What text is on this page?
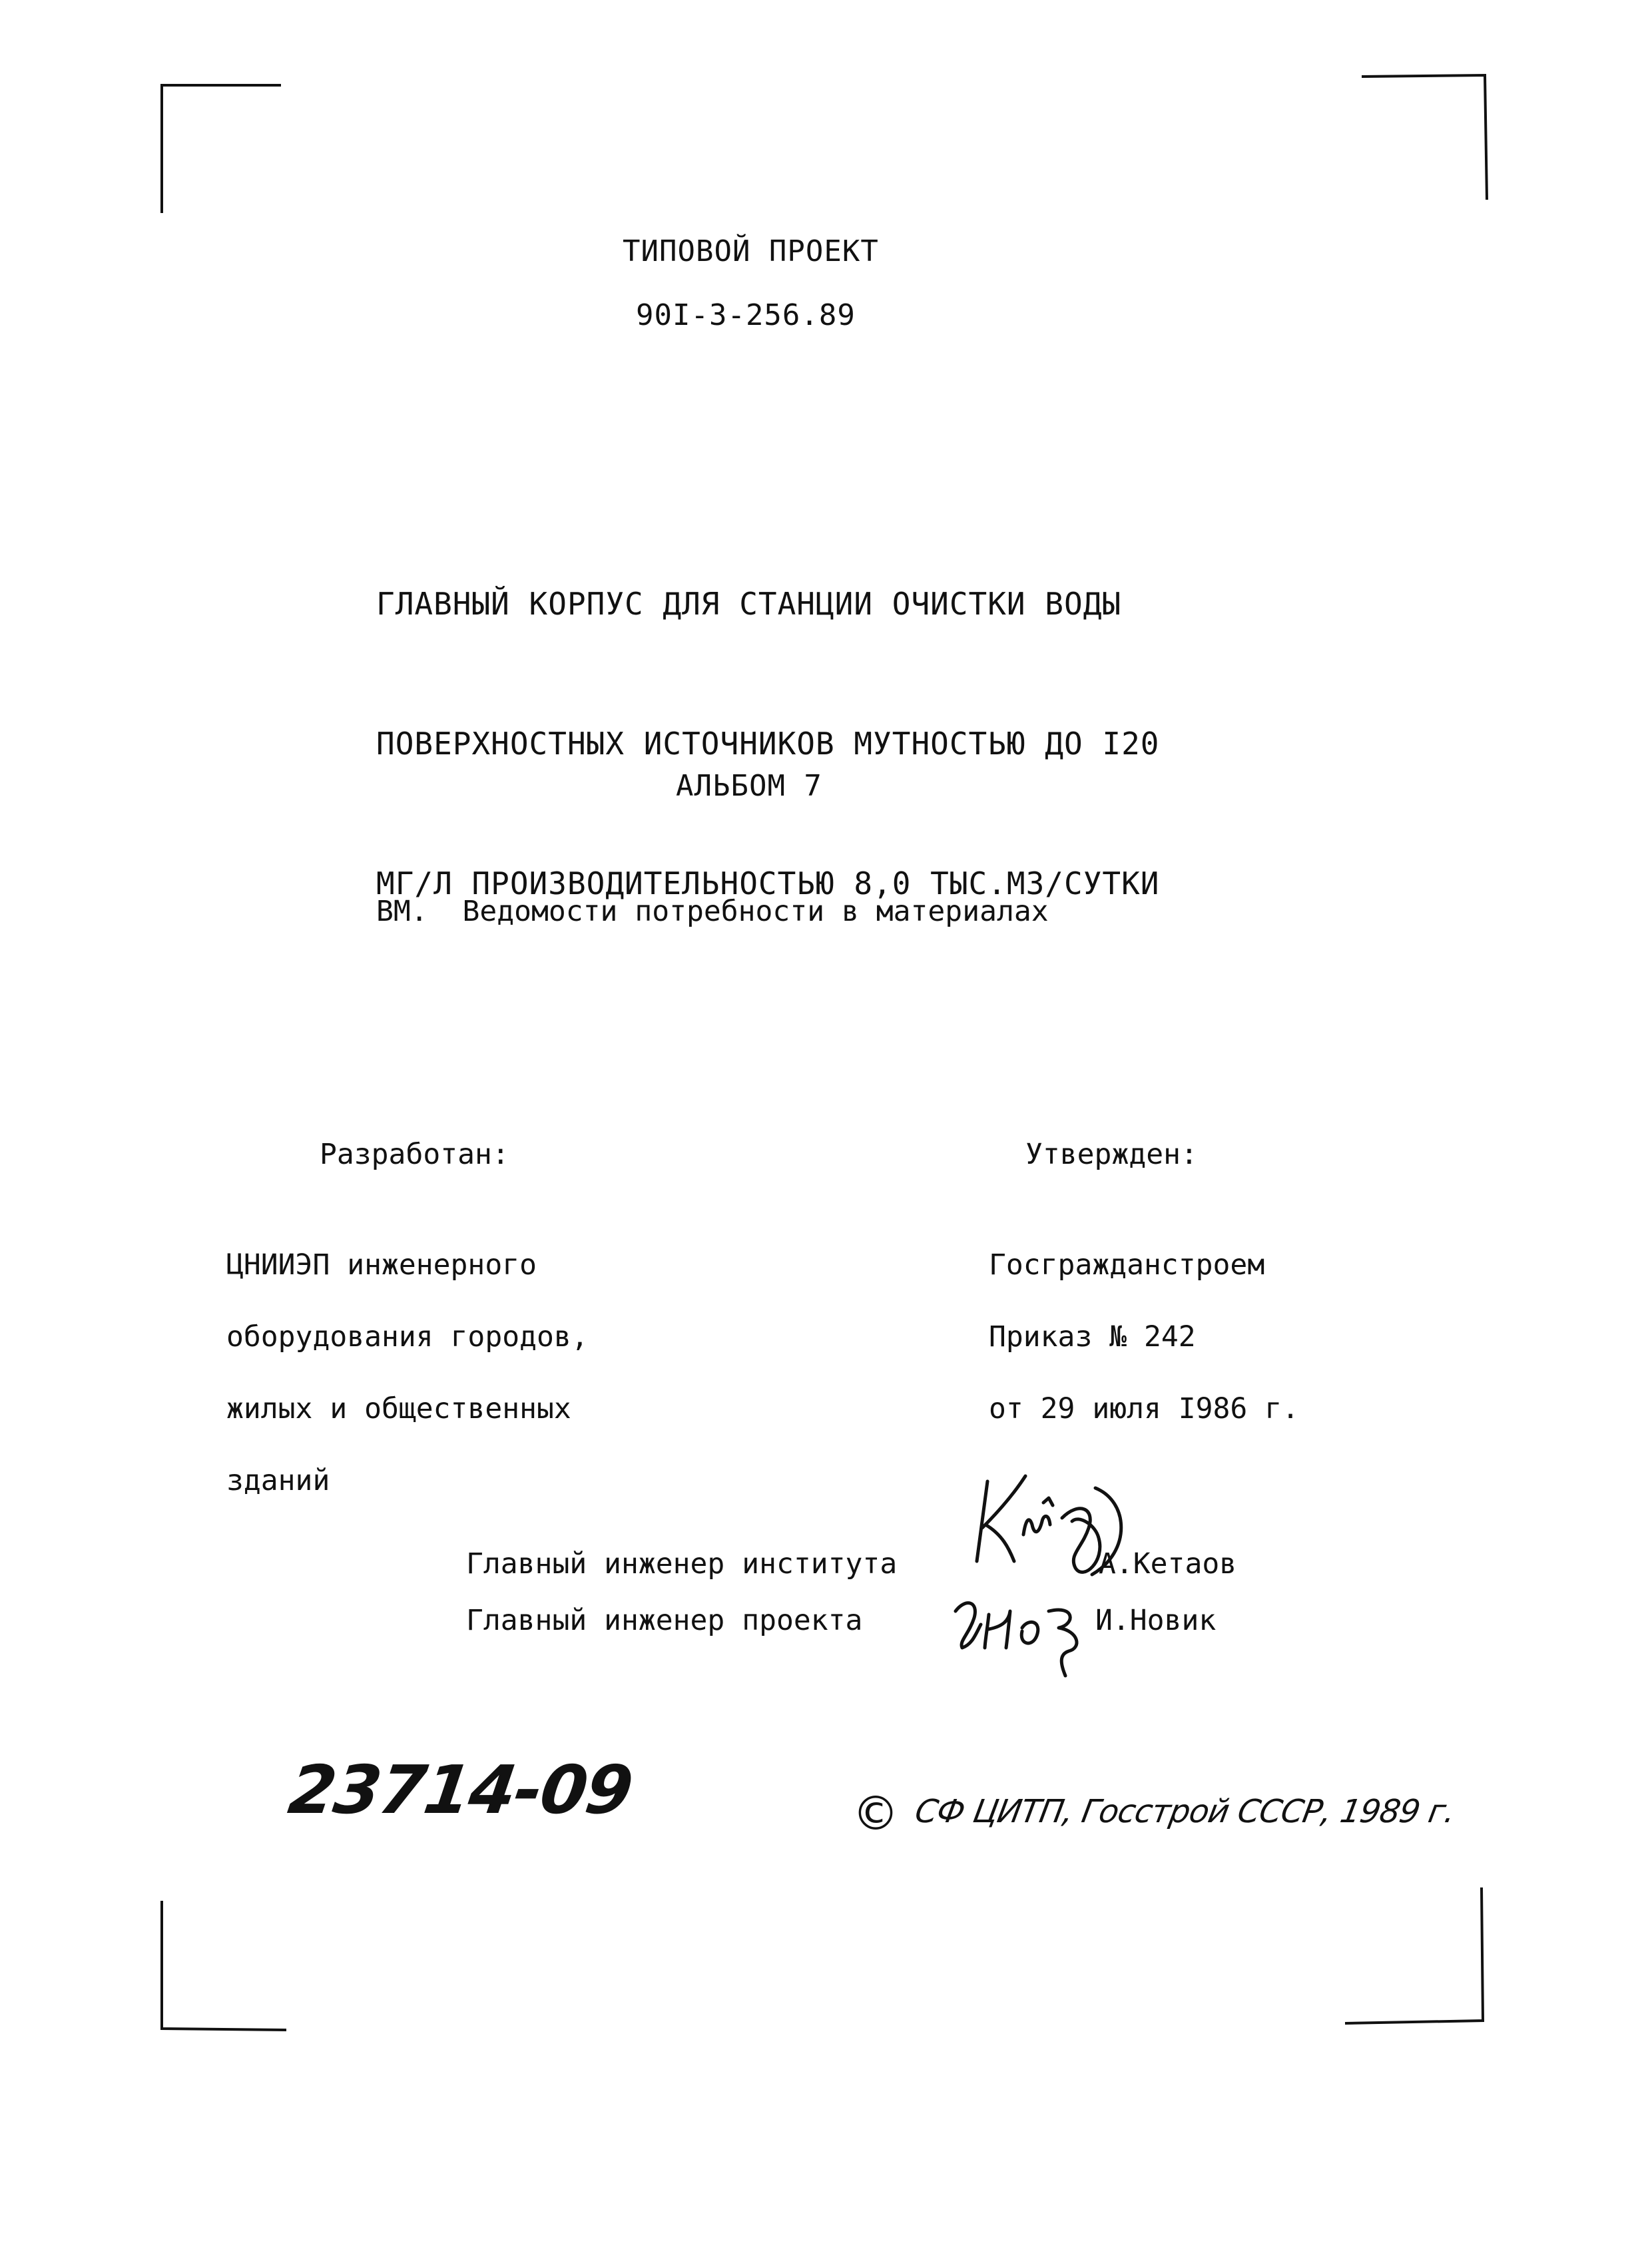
ТИПОВОЙ ПРОЕКТ
90I-3-256.89

ГЛАВНЫЙ КОРПУС ДЛЯ СТАНЦИИ ОЧИСТКИ ВОДЫ

ПОВЕРХНОСТНЫХ ИСТОЧНИКОВ МУТНОСТЬЮ ДО I20

МГ/Л ПРОИЗВОДИТЕЛЬНОСТЬЮ 8,0 ТЫС.М3/СУТКИ

АЛЬБОМ 7
ВМ.  Ведомости потребности в материалах
Разработан:

ЦНИИЭП инженерного

оборудования городов,

жилых и общественных

зданий

Утвержден:

Госгражданстроем

Приказ № 242

от 29 июля I986 г.

Главный инженер института	А.Кетаов
Главный инженер проекта	И.Новик
23714-09	© СФ ЦИТП, Госстрой СССР, 1989 г.
